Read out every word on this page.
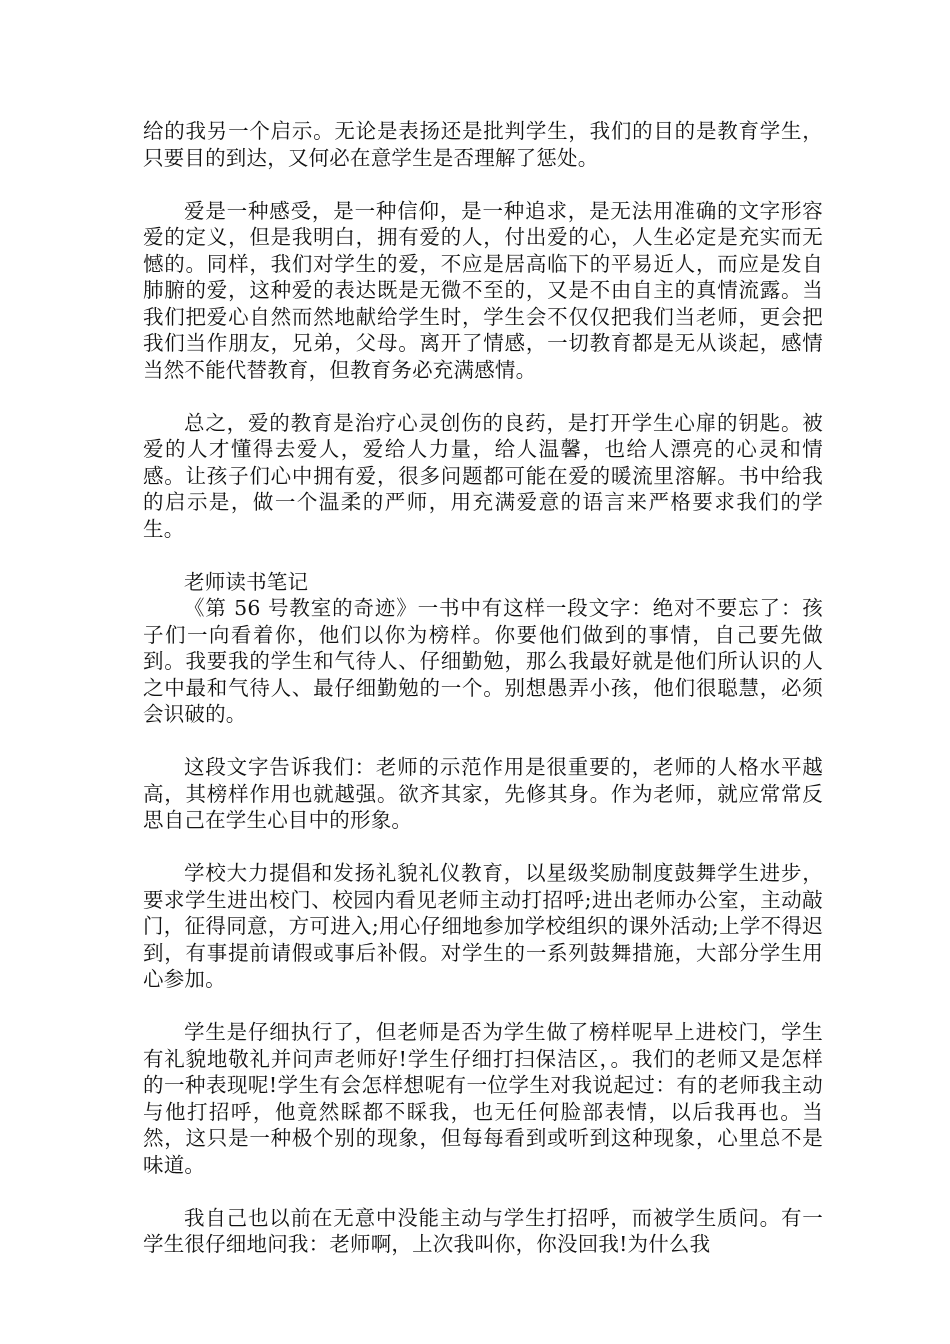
给的我另一个启示。无论是表扬还是批判学生，我们的目的是教育学生，只要目的到达，又何必在意学生是否理解了惩处。

爱是一种感受，是一种信仰，是一种追求，是无法用准确的文字形容爱的定义，但是我明白，拥有爱的人，付出爱的心，人生必定是充实而无憾的。同样，我们对学生的爱，不应是居高临下的平易近人，而应是发自肺腑的爱，这种爱的表达既是无微不至的，又是不由自主的真情流露。当我们把爱心自然而然地献给学生时，学生会不仅仅把我们当老师，更会把我们当作朋友，兄弟，父母。离开了情感，一切教育都是无从谈起，感情当然不能代替教育，但教育务必充满感情。

总之，爱的教育是治疗心灵创伤的良药，是打开学生心扉的钥匙。被爱的人才懂得去爱人，爱给人力量，给人温馨，也给人漂亮的心灵和情感。让孩子们心中拥有爱，很多问题都可能在爱的暖流里溶解。书中给我的启示是，做一个温柔的严师，用充满爱意的语言来严格要求我们的学生。

老师读书笔记

《第 56 号教室的奇迹》一书中有这样一段文字：绝对不要忘了：孩子们一向看着你，他们以你为榜样。你要他们做到的事情，自己要先做到。我要我的学生和气待人、仔细勤勉，那么我最好就是他们所认识的人之中最和气待人、最仔细勤勉的一个。别想愚弄小孩，他们很聪慧，必须会识破的。

这段文字告诉我们：老师的示范作用是很重要的，老师的人格水平越高，其榜样作用也就越强。欲齐其家，先修其身。作为老师，就应常常反思自己在学生心目中的形象。

学校大力提倡和发扬礼貌礼仪教育，以星级奖励制度鼓舞学生进步，要求学生进出校门、校园内看见老师主动打招呼;进出老师办公室，主动敲门，征得同意，方可进入;用心仔细地参加学校组织的课外活动;上学不得迟到，有事提前请假或事后补假。对学生的一系列鼓舞措施，大部分学生用心参加。

学生是仔细执行了，但老师是否为学生做了榜样呢早上进校门，学生有礼貌地敬礼并问声老师好!学生仔细打扫保洁区，。我们的老师又是怎样的一种表现呢!学生有会怎样想呢有一位学生对我说起过：有的老师我主动与他打招呼，他竟然睬都不睬我，也无任何脸部表情，以后我再也。当然，这只是一种极个别的现象，但每每看到或听到这种现象，心里总不是味道。

我自己也以前在无意中没能主动与学生打招呼，而被学生质问。有一学生很仔细地问我：老师啊，上次我叫你，你没回我!为什么我
